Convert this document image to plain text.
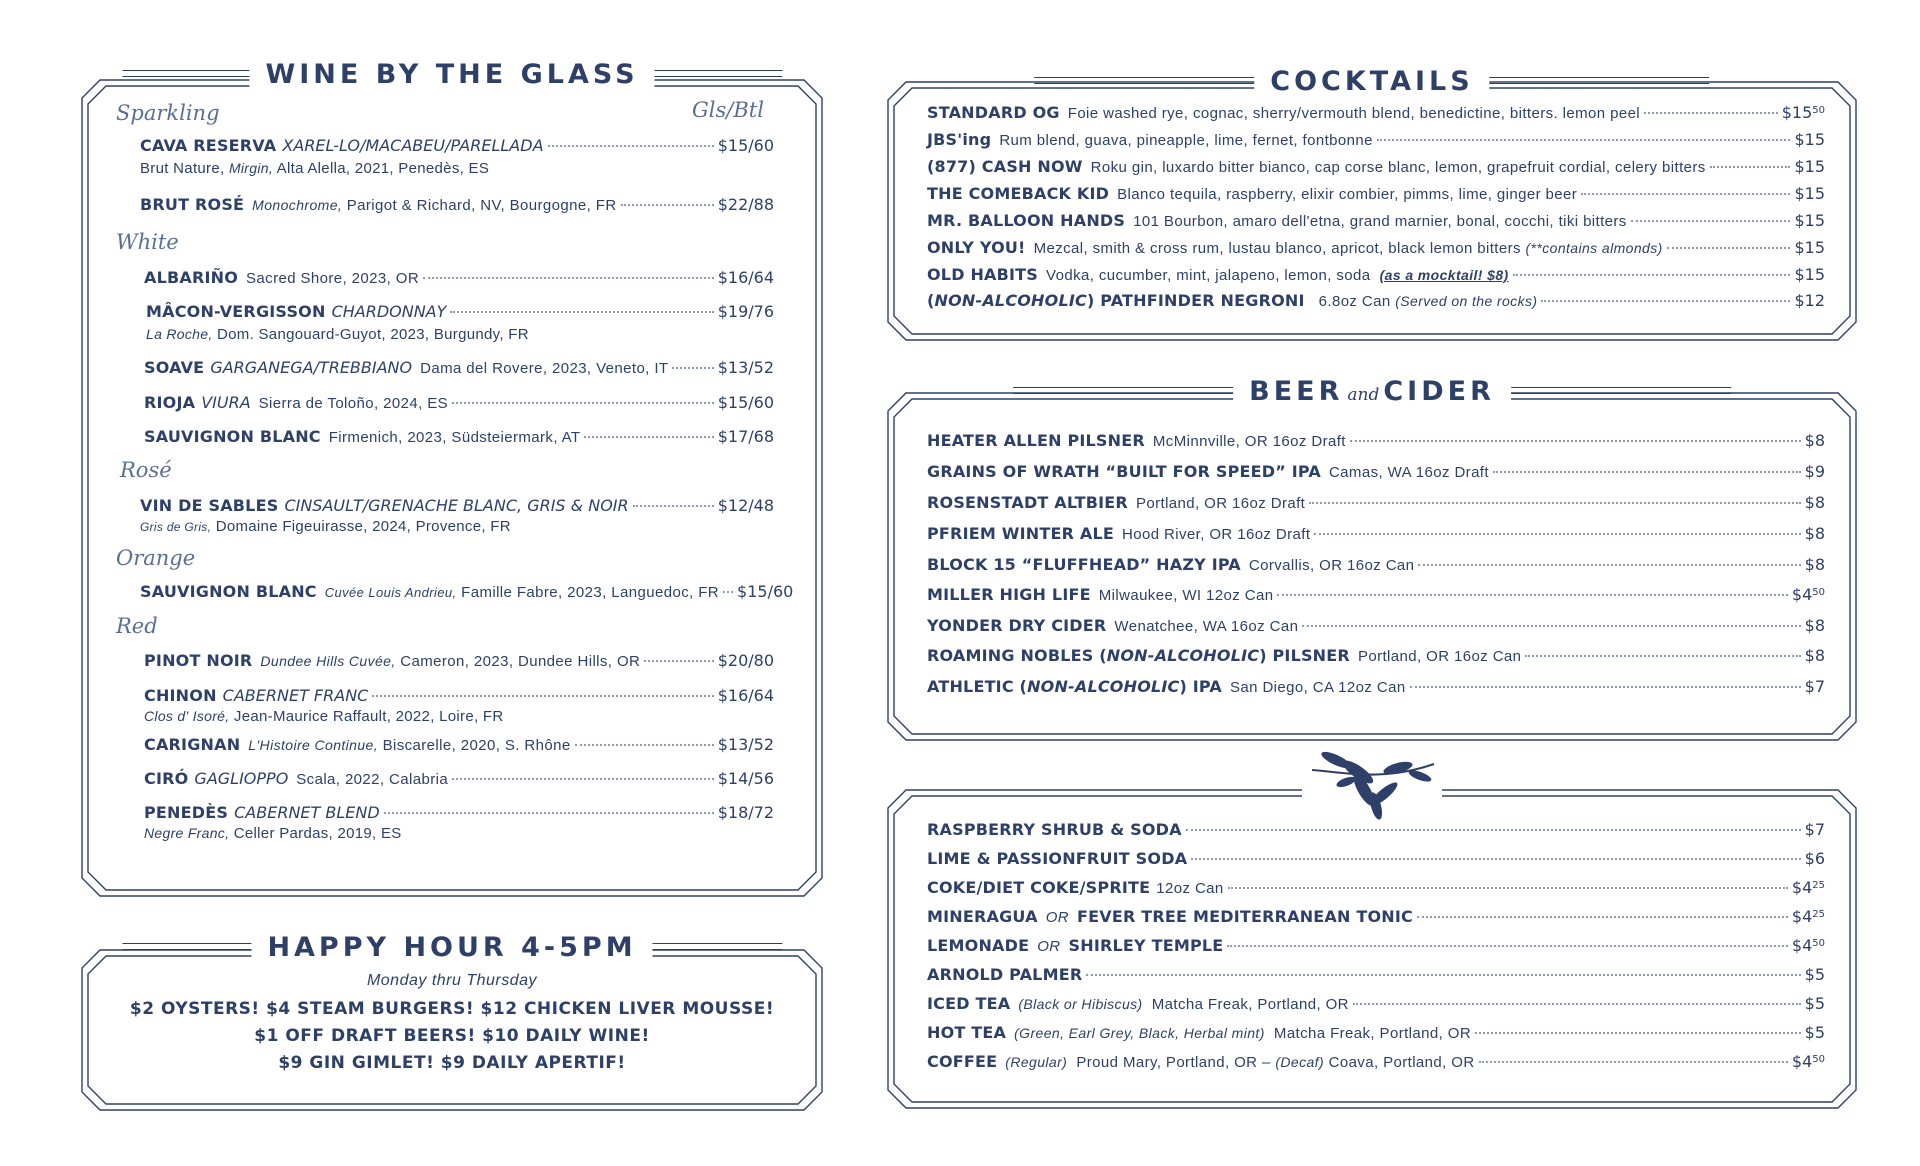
WINE BY THE GLASS
Sparkling	Gls/Btl
CAVA RESERVA XAREL-LO/MACABEU/PARELLADA	$15/60
Brut Nature, Mirgin, Alta Alella, 2021, Penedès, ES
BRUT ROSÉ Monochrome, Parigot & Richard, NV, Bourgogne, FR	$22/88
White
ALBARIÑO Sacred Shore, 2023, OR	$16/64
MÂCON-VERGISSON CHARDONNAY	$19/76
La Roche, Dom. Sangouard-Guyot, 2023, Burgundy, FR
SOAVE GARGANEGA/TREBBIANO Dama del Rovere, 2023, Veneto, IT	$13/52
RIOJA VIURA Sierra de Toloño, 2024, ES	$15/60
SAUVIGNON BLANC Firmenich, 2023, Südsteiermark, AT	$17/68
Rosé
VIN DE SABLES CINSAULT/GRENACHE BLANC, GRIS & NOIR	$12/48
Gris de Gris, Domaine Figeuirasse, 2024, Provence, FR
Orange
SAUVIGNON BLANC Cuvée Louis Andrieu, Famille Fabre, 2023, Languedoc, FR $15/60
Red
PINOT NOIR Dundee Hills Cuvée, Cameron, 2023, Dundee Hills, OR	$20/80
CHINON CABERNET FRANC	$16/64
Clos d' Isoré, Jean-Maurice Raffault, 2022, Loire, FR
CARIGNAN L'Histoire Continue, Biscarelle, 2020, S. Rhône	$13/52
CIRÓ GAGLIOPPO Scala, 2022, Calabria	$14/56
PENEDÈS CABERNET BLEND	$18/72
Negre Franc, Celler Pardas, 2019, ES
HAPPY HOUR 4-5PM
Monday thru Thursday
$2 OYSTERS! $4 STEAM BURGERS! $12 CHICKEN LIVER MOUSSE!
$1 OFF DRAFT BEERS! $10 DAILY WINE!
$9 GIN GIMLET! $9 DAILY APERTIF!
COCKTAILS
STANDARD OG Foie washed rye, cognac, sherry/vermouth blend, benedictine, bitters. lemon peel	$\$15^{50}$
JBS'ing Rum blend, guava, pineapple, lime, fernet, fontbonne	$15
(877) CASH NOW Roku gin, luxardo bitter bianco, cap corse blanc, lemon, grapefruit cordial, celery bitters	$15
THE COMEBACK KID Blanco tequila, raspberry, elixir combier, pimms, lime, ginger beer	$15
MR. BALLOON HANDS 101 Bourbon, amaro dell'etna, grand marnier, bonal, cocchi, tiki bitters	$15
ONLY YOU! Mezcal, smith & cross rum, lustau blanco, apricot, black lemon bitters (**contains almonds)	$15
OLD HABITS Vodka, cucumber, mint, jalapeno, lemon, soda (as a mocktail! $8)	$15
(NON-ALCOHOLIC) PATHFINDER NEGRONI 6.8oz Can (Served on the rocks)	$12
BEER and CIDER
HEATER ALLEN PILSNER McMinnville, OR 16oz Draft	$8
GRAINS OF WRATH “BUILT FOR SPEED” IPA Camas, WA 16oz Draft	$9
ROSENSTADT ALTBIER Portland, OR 16oz Draft	$8
PFRIEM WINTER ALE Hood River, OR 16oz Draft	$8
BLOCK 15 “FLUFFHEAD” HAZY IPA Corvallis, OR 16oz Can	$8
MILLER HIGH LIFE Milwaukee, WI 12oz Can	$\$4^{50}$
YONDER DRY CIDER Wenatchee, WA 16oz Can	$8
ROAMING NOBLES (NON-ALCOHOLIC) PILSNER Portland, OR 16oz Can	$8
ATHLETIC (NON-ALCOHOLIC) IPA San Diego, CA 12oz Can	$7
RASPBERRY SHRUB & SODA	$7
LIME & PASSIONFRUIT SODA	$6
COKE/DIET COKE/SPRITE 12oz Can	$\$4^{25}$
MINERAGUA OR FEVER TREE MEDITERRANEAN TONIC	$\$4^{25}$
LEMONADE OR SHIRLEY TEMPLE	$\$4^{50}$
ARNOLD PALMER	$5
ICED TEA (Black or Hibiscus) Matcha Freak, Portland, OR	$5
HOT TEA (Green, Earl Grey, Black, Herbal mint) Matcha Freak, Portland, OR	$5
COFFEE (Regular) Proud Mary, Portland, OR – (Decaf) Coava, Portland, OR	$\$4^{50}$
